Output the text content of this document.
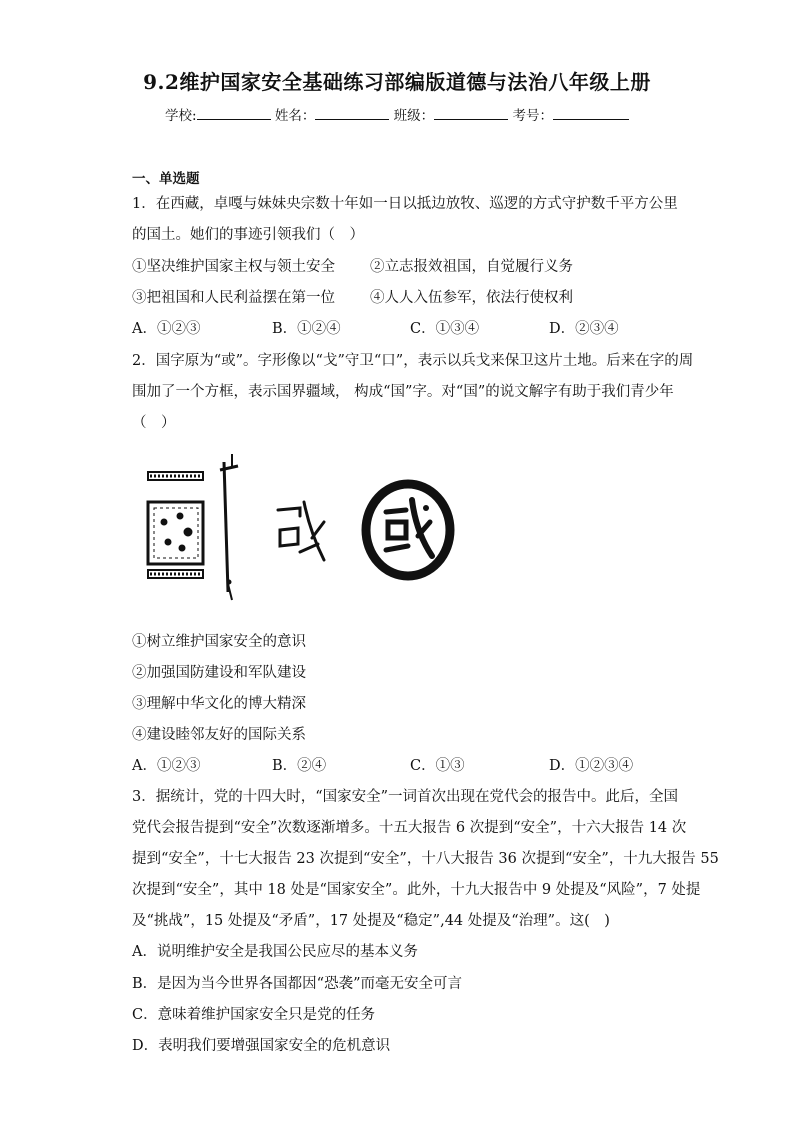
9.2维护国家安全基础练习部编版道德与法治八年级上册
学校:	姓名：	班级：	考号：
一、单选题
1．在西藏，卓嘎与妹妹央宗数十年如一日以抵边放牧、巡逻的方式守护数千平方公里
的国土。她们的事迹引领我们（　）
①坚决维护国家主权与领土安全 ②立志报效祖国，自觉履行义务
③把祖国和人民利益摆在第一位 ④人人入伍参军，依法行使权利
A．①②③	B．①②④	C．①③④	D．②③④
2．国字原为“或”。字形像以“戈”守卫“口”，表示以兵戈来保卫这片土地。后来在字的周
围加了一个方框，表示国界疆域， 构成“国”字。对“国”的说文解字有助于我们青少年
（　）
①树立维护国家安全的意识
②加强国防建设和军队建设
③理解中华文化的博大精深
④建设睦邻友好的国际关系
A．①②③	B．②④	C．①③	D．①②③④
3．据统计，党的十四大时，“国家安全”一词首次出现在党代会的报告中。此后，全国
党代会报告提到“安全”次数逐渐增多。十五大报告 6 次提到“安全”，十六大报告 14 次
提到“安全”，十七大报告 23 次提到“安全”，十八大报告 36 次提到“安全”，十九大报告 55
次提到“安全”，其中 18 处是“国家安全”。此外，十九大报告中 9 处提及“风险”，7 处提
及“挑战”，15 处提及“矛盾”，17 处提及“稳定”,44 处提及“治理”。这(　)
A．说明维护安全是我国公民应尽的基本义务
B．是因为当今世界各国都因“恐袭”而毫无安全可言
C．意味着维护国家安全只是党的任务
D．表明我们要增强国家安全的危机意识
